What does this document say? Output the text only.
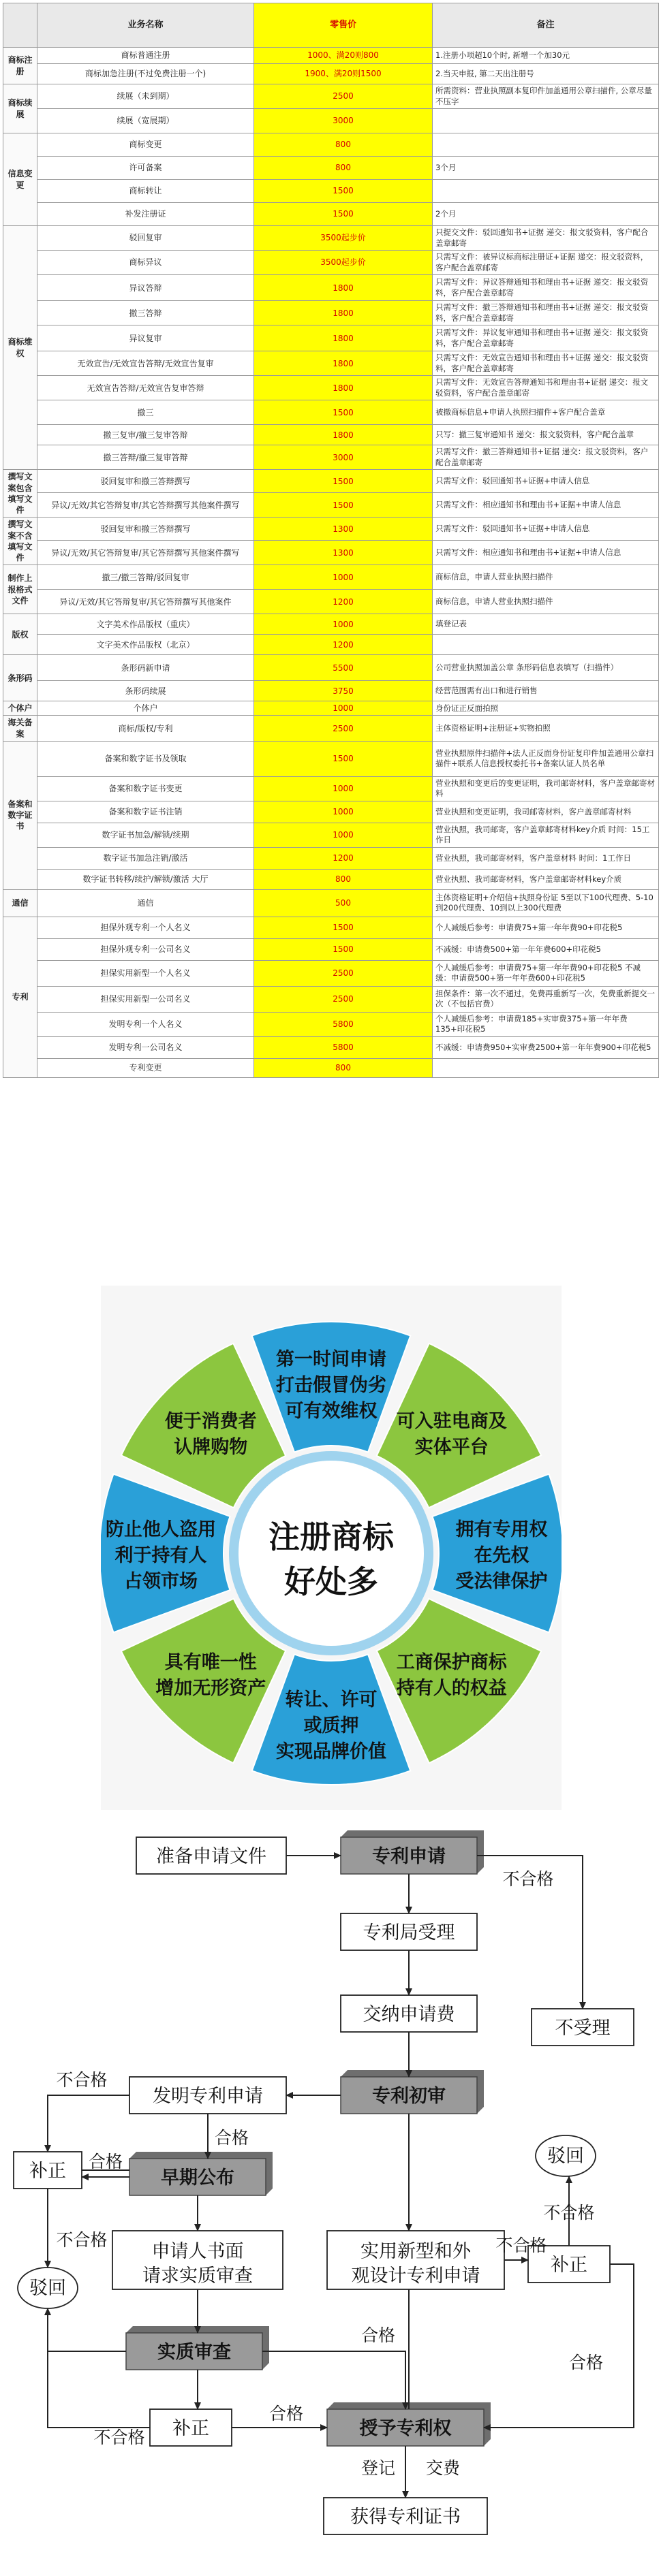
	业务名称	零售价	备注
商标注册	商标普通注册	1000、满20则800	1.注册小项超10个时, 新增一个加30元
	商标加急注册(不过免费注册一个)	1900、满20则1500	2.当天申报, 第二天出注册号
商标续展	续展（未到期）	2500	所需资料：营业执照副本复印件加盖通用公章扫描件, 公章尽量不压字
	续展（宽展期）	3000	
信息变更	商标变更	800	
	许可备案	800	3个月
	商标转让	1500	
	补发注册证	1500	2个月
商标维权	驳回复审	3500起步价	只提交文件：驳回通知书+证据 递交：报文驳资料，客户配合盖章邮寄
	商标异议	3500起步价	只需写文件：被异议标商标注册证+证据 递交：报文驳资料，客户配合盖章邮寄
	异议答辩	1800	只需写文件：异议答辩通知书和理由书+证据 递交：报文驳资料，客户配合盖章邮寄
	撤三答辩	1800	只需写文件：撤三答辩通知书和理由书+证据 递交：报文驳资料，客户配合盖章邮寄
	异议复审	1800	只需写文件：异议复审通知书和理由书+证据 递交：报文驳资料，客户配合盖章邮寄
	无效宣告/无效宣告答辩/无效宣告复审	1800	只需写文件：无效宣告通知书和理由书+证据 递交：报文驳资料，客户配合盖章邮寄
	无效宣告答辩/无效宣告复审答辩	1800	只需写文件：无效宣告答辩通知书和理由书+证据 递交：报文驳资料，客户配合盖章邮寄
	撤三	1500	被撤商标信息+申请人执照扫描件+客户配合盖章
	撤三复审/撤三复审答辩	1800	只写：撤三复审通知书 递交：报文驳资料，客户配合盖章
	撤三答辩/撤三复审答辩	3000	只需写文件：撤三答辩通知书+证据 递交：报文驳资料，客户配合盖章邮寄
撰写文案包含填写文件	驳回复审和撤三答辩撰写	1500	只需写文件：驳回通知书+证据+申请人信息
	异议/无效/其它答辩复审/其它答辩撰写其他案件撰写	1500	只需写文件：相应通知书和理由书+证据+申请人信息
撰写文案不含填写文件	驳回复审和撤三答辩撰写	1300	只需写文件：驳回通知书+证据+申请人信息
	异议/无效/其它答辩复审/其它答辩撰写其他案件撰写	1300	只需写文件：相应通知书和理由书+证据+申请人信息
制作上报格式文件	撤三/撤三答辩/驳回复审	1000	商标信息，申请人营业执照扫描件
	异议/无效/其它答辩复审/其它答辩撰写其他案件	1200	商标信息，申请人营业执照扫描件
版权	文字美术作品版权（重庆）	1000	填登记表
	文字美术作品版权（北京）	1200	
条形码	条形码新申请	5500	公司营业执照加盖公章 条形码信息表填写（扫描件）
	条形码续展	3750	经营范围需有出口和进行销售
个体户	个体户	1000	身份证正反面拍照
海关备案	商标/版权/专利	2500	主体资格证明+注册证+实物拍照
备案和数字证书	备案和数字证书及领取	1500	营业执照原件扫描件+法人正反面身份证复印件加盖通用公章扫描件+联系人信息授权委托书+备案认证人员名单
	备案和数字证书变更	1000	营业执照和变更后的变更证明，我司邮寄材料，客户盖章邮寄材料
	备案和数字证书注销	1000	营业执照和变更证明，我司邮寄材料，客户盖章邮寄材料
	数字证书加急/解锁/续期	1000	营业执照，我司邮寄，客户盖章邮寄材料key介质 时间：15工作日
	数字证书加急注销/激活	1200	营业执照，我司邮寄材料，客户盖章材料 时间：1工作日
	数字证书转移/续护/解锁/激活 大厅	800	营业执照、我司邮寄材料，客户盖章邮寄材料key介质
通信	通信	500	主体资格证明+介绍信+执照身份证 5至以下100代理费、5-10到200代理费、10到以上300代理费
专利	担保外观专利一个人名义	1500	个人减缓后参考：申请费75+第一年年费90+印花税5
	担保外观专利一公司名义	1500	不减缓：申请费500+第一年年费600+印花税5
	担保实用新型一个人名义	2500	个人减缓后参考：申请费75+第一年年费90+印花税5 不减缓：申请费500+第一年年费600+印花税5
	担保实用新型一公司名义	2500	担保条件：第一次不通过，免费再重新写一次，免费重新提交一次（不包括官费）
	发明专利一个人名义	5800	个人减缓后参考：申请费185+实审费375+第一年年费135+印花税5
	发明专利一公司名义	5800	不减缓：申请费950+实审费2500+第一年年费900+印花税5
	专利变更	800	
第一时间申请
打击假冒伪劣
可有效维权 可入驻电商及
实体平台
拥有专用权
在先权
受法律保护
工商保护商标
持有人的权益
转让、许可
或质押
实现品牌价值
具有唯一性
增加无形资产
防止他人盗用
利于持有人
占领市场
便于消费者
认牌购物
注册商标
好处多
准备申请文件	专利申请
专利局受理
不受理
交纳申请费
专利初审
发明专利申请
早期公布
申请人书面请求实质审查
实用新型和外观设计专利申请
实质审查
授予专利权
获得专利证书
补正
补正
补正
驳回
驳回
不合格
合格
不合格
合格
不合格
不合格
合格
合格
不合格
不合格
合格
登记 交费
